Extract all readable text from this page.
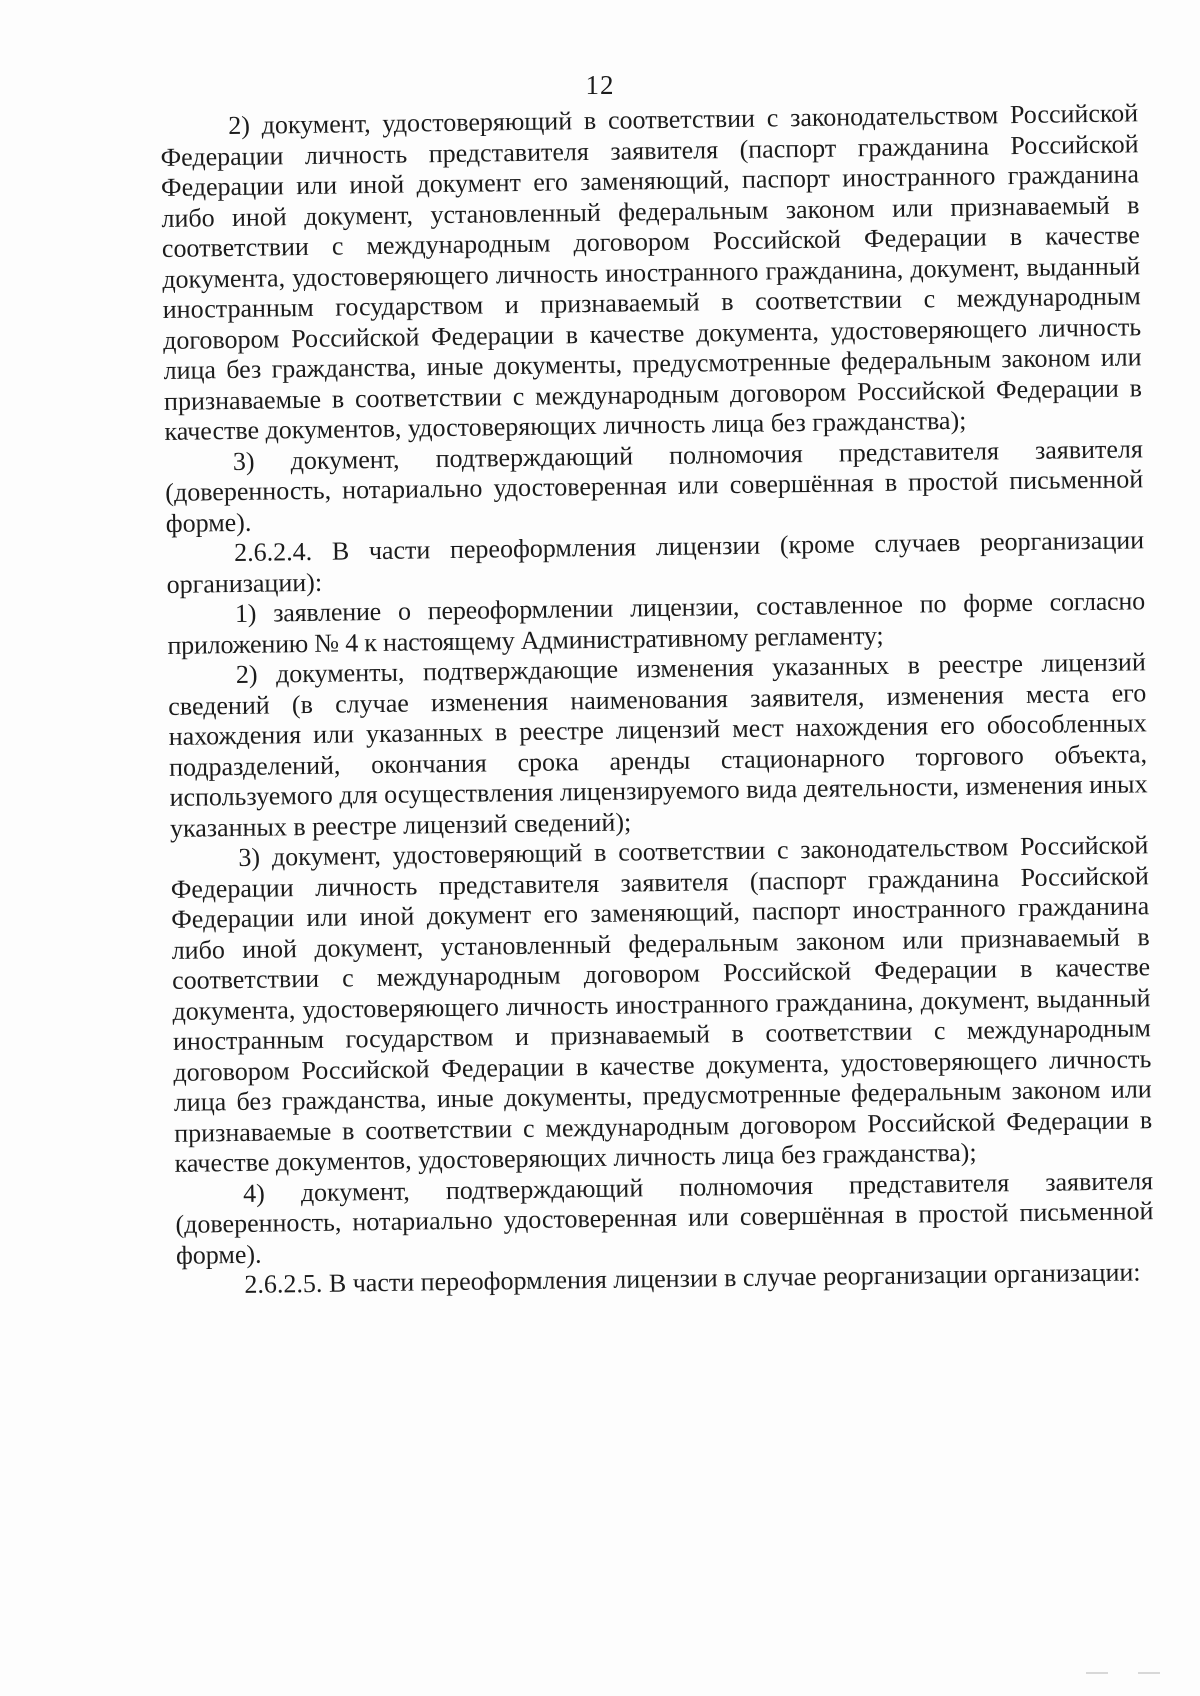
12

2) документ, удостоверяющий в соответствии с законодательством Российской Федерации личность представителя заявителя (паспорт гражданина Российской Федерации или иной документ его заменяющий, паспорт иностранного гражданина либо иной документ, установленный федеральным законом или признаваемый в соответствии с международным договором Российской Федерации в качестве документа, удостоверяющего личность иностранного гражданина, документ, выданный иностранным государством и признаваемый в соответствии с международным договором Российской Федерации в качестве документа, удостоверяющего личность лица без гражданства, иные документы, предусмотренные федеральным законом или признаваемые в соответствии с международным договором Российской Федерации в качестве документов, удостоверяющих личность лица без гражданства);

3) документ, подтверждающий полномочия представителя заявителя (доверенность, нотариально удостоверенная или совершённая в простой письменной форме).

2.6.2.4. В части переоформления лицензии (кроме случаев реорганизации организации):

1) заявление о переоформлении лицензии, составленное по форме согласно приложению № 4 к настоящему Административному регламенту;

2) документы, подтверждающие изменения указанных в реестре лицензий сведений (в случае изменения наименования заявителя, изменения места его нахождения или указанных в реестре лицензий мест нахождения его обособленных подразделений, окончания срока аренды стационарного торгового объекта, используемого для осуществления лицензируемого вида деятельности, изменения иных указанных в реестре лицензий сведений);

3) документ, удостоверяющий в соответствии с законодательством Российской Федерации личность представителя заявителя (паспорт гражданина Российской Федерации или иной документ его заменяющий, паспорт иностранного гражданина либо иной документ, установленный федеральным законом или признаваемый в соответствии с международным договором Российской Федерации в качестве документа, удостоверяющего личность иностранного гражданина, документ, выданный иностранным государством и признаваемый в соответствии с международным договором Российской Федерации в качестве документа, удостоверяющего личность лица без гражданства, иные документы, предусмотренные федеральным законом или признаваемые в соответствии с международным договором Российской Федерации в качестве документов, удостоверяющих личность лица без гражданства);

4) документ, подтверждающий полномочия представителя заявителя (доверенность, нотариально удостоверенная или совершённая в простой письменной форме).

2.6.2.5. В части переоформления лицензии в случае реорганизации организации:
